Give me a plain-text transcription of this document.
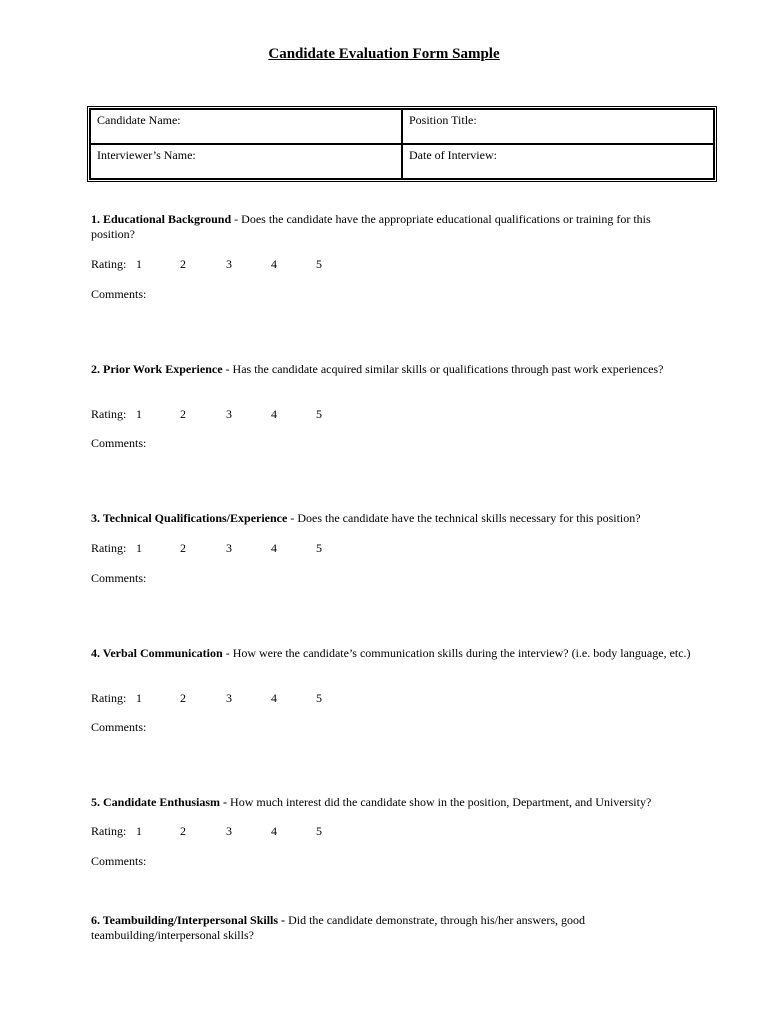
Candidate Evaluation Form Sample
Candidate Name:	Position Title:
Interviewer’s Name:	Date of Interview:
1. Educational Background - Does the candidate have the appropriate educational qualifications or training for this position?
Rating: 1	2	3	4	5
Comments:
2. Prior Work Experience - Has the candidate acquired similar skills or qualifications through past work experiences?
Rating: 1	2	3	4	5
Comments:
3. Technical Qualifications/Experience - Does the candidate have the technical skills necessary for this position?
Rating: 1	2	3	4	5
Comments:
4. Verbal Communication - How were the candidate’s communication skills during the interview? (i.e. body language, etc.)
Rating: 1	2	3	4	5
Comments:
5. Candidate Enthusiasm - How much interest did the candidate show in the position, Department, and University?
Rating: 1	2	3	4	5
Comments:
6. Teambuilding/Interpersonal Skills - Did the candidate demonstrate, through his/her answers, good teambuilding/interpersonal skills?
